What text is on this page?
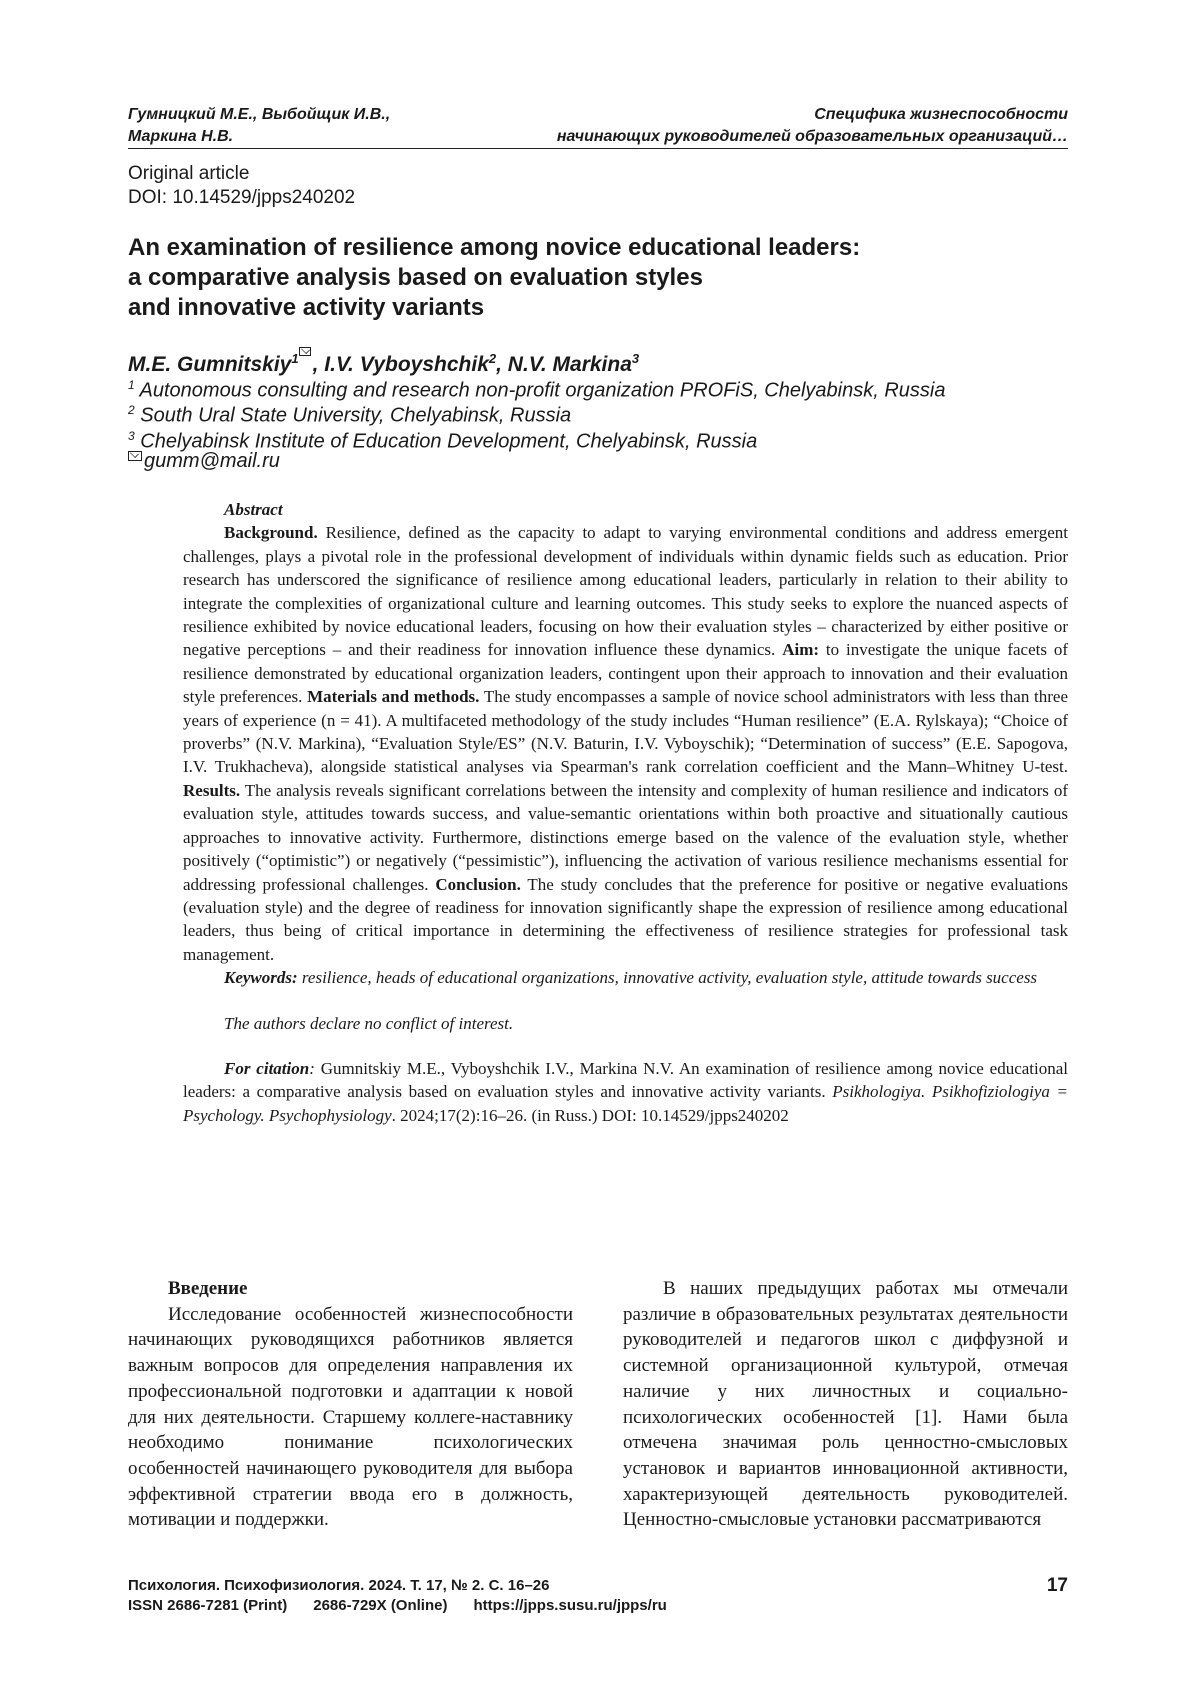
Гумницкий М.Е., Выбойщик И.В.,
Маркина Н.В.
Специфика жизнеспособности
начинающих руководителей образовательных организаций…
Original article
DOI: 10.14529/jpps240202
An examination of resilience among novice educational leaders:
a comparative analysis based on evaluation styles
and innovative activity variants
M.E. Gumnitskiy$^1$ , I.V. Vyboyshchik$^2$, N.V. Markina$^3$
$^1$ Autonomous consulting and research non-profit organization PROFiS, Chelyabinsk, Russia
$^2$ South Ural State University, Chelyabinsk, Russia
$^3$ Chelyabinsk Institute of Education Development, Chelyabinsk, Russia
gumm@mail.ru

Abstract

Background. Resilience, defined as the capacity to adapt to varying environmental conditions and address emergent challenges, plays a pivotal role in the professional development of individuals within dynamic fields such as education. Prior research has underscored the significance of resilience among educational leaders, particularly in relation to their ability to integrate the complexities of organizational culture and learning outcomes. This study seeks to explore the nuanced aspects of resilience exhibited by novice educational leaders, focusing on how their evaluation styles – characterized by either positive or negative perceptions – and their readiness for innovation influence these dynamics. Aim: to investigate the unique facets of resilience demonstrated by educational organization leaders, contingent upon their approach to innovation and their evaluation style preferences. Materials and methods. The study encompasses a sample of novice school administrators with less than three years of experience (n = 41). A multifaceted methodology of the study includes “Human resilience” (E.A. Rylskaya); “Choice of proverbs” (N.V. Markina), “Evaluation Style/ES” (N.V. Baturin, I.V. Vyboyschik); “Determination of success” (E.E. Sapogova, I.V. Trukhacheva), alongside statistical analyses via Spearman's rank correlation coefficient and the Mann–Whitney U-test. Results. The analysis reveals significant correlations between the intensity and complexity of human resilience and indicators of evaluation style, attitudes towards success, and value-semantic orientations within both proactive and situationally cautious approaches to innovative activity. Furthermore, distinctions emerge based on the valence of the evaluation style, whether positively (“optimistic”) or negatively (“pessimistic”), influencing the activation of various resilience mechanisms essential for addressing professional challenges. Conclusion. The study concludes that the preference for positive or negative evaluations (evaluation style) and the degree of readiness for innovation significantly shape the expression of resilience among educational leaders, thus being of critical importance in determining the effectiveness of resilience strategies for professional task management.

Keywords: resilience, heads of educational organizations, innovative activity, evaluation style, attitude towards success

The authors declare no conflict of interest.

For citation: Gumnitskiy M.E., Vyboyshchik I.V., Markina N.V. An examination of resilience among novice educational leaders: a comparative analysis based on evaluation styles and innovative activity variants. Psikhologiya. Psikhofiziologiya = Psychology. Psychophysiology. 2024;17(2):16–26. (in Russ.) DOI: 10.14529/jpps240202

Введение

Исследование особенностей жизнеспособности начинающих руководящихся работников является важным вопросов для определения направления их профессиональной подготовки и адаптации к новой для них деятельности. Старшему коллеге-наставнику необходимо понимание психологических особенностей начинающего руководителя для выбора эффективной стратегии ввода его в должность, мотивации и поддержки.

В наших предыдущих работах мы отмечали различие в образовательных результатах деятельности руководителей и педагогов школ с диффузной и системной организационной культурой, отмечая наличие у них личностных и социально-психологических особенностей [1]. Нами была отмечена значимая роль ценностно-смысловых установок и вариантов инновационной активности, характеризующей деятельность руководителей. Ценностно-смысловые установки рассматриваются

Психология. Психофизиология. 2024. Т. 17, № 2. С. 16–26
ISSN 2686-7281 (Print) 2686-729X (Online) https://jpps.susu.ru/jpps/ru
17
